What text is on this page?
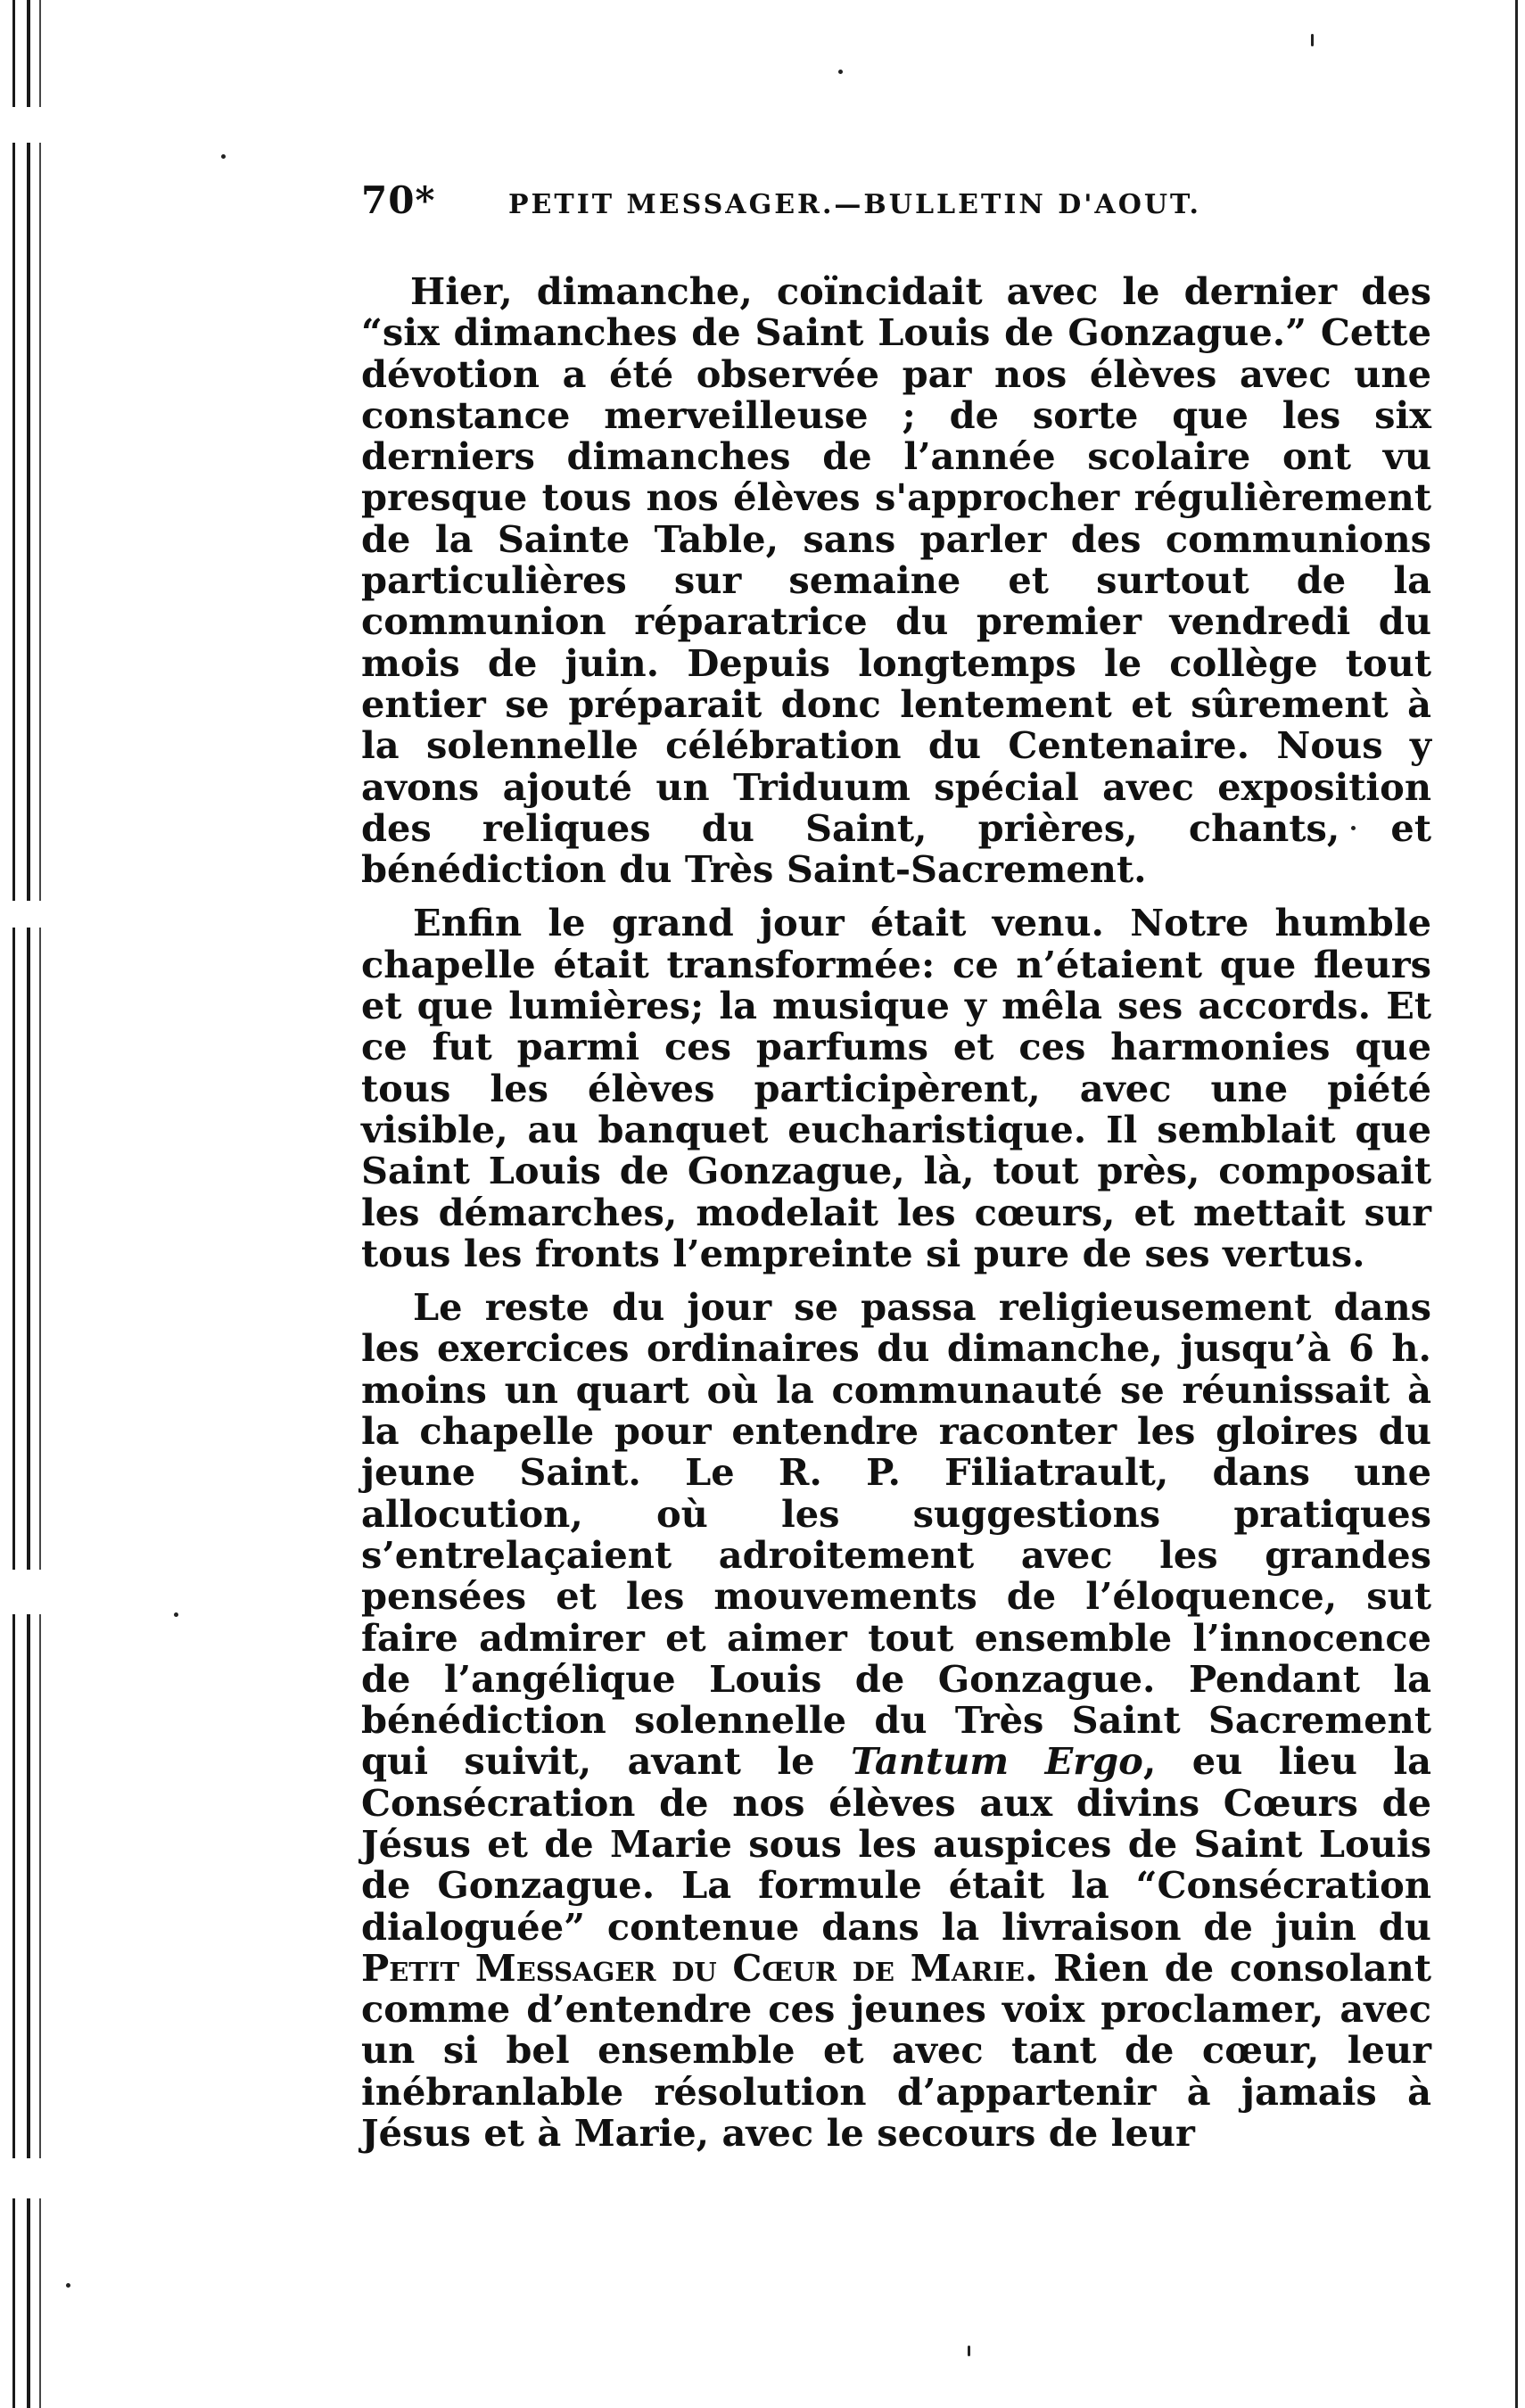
70*	PETIT MESSAGER.—BULLETIN D'AOUT.

Hier, dimanche, coïncidait avec le dernier des “six dimanches de Saint Louis de Gonzague.” Cette dévotion a été observée par nos élèves avec une constance merveilleuse ; de sorte que les six derniers dimanches de l’année scolaire ont vu presque tous nos élèves s'approcher régulièrement de la Sainte Table, sans parler des communions particulières sur semaine et surtout de la communion réparatrice du premier vendredi du mois de juin. Depuis longtemps le collège tout entier se préparait donc lentement et sûrement à la solennelle célébration du Centenaire. Nous y avons ajouté un Triduum spécial avec exposition des reliques du Saint, prières, chants, et bénédiction du Très Saint-Sacrement.

Enfin le grand jour était venu. Notre humble chapelle était transformée: ce n’étaient que fleurs et que lumières; la musique y mêla ses accords. Et ce fut parmi ces parfums et ces harmonies que tous les élèves participèrent, avec une piété visible, au banquet eucharistique. Il semblait que Saint Louis de Gonzague, là, tout près, composait les démarches, modelait les cœurs, et mettait sur tous les fronts l’empreinte si pure de ses vertus.

Le reste du jour se passa religieusement dans les exercices ordinaires du dimanche, jusqu’à 6 h. moins un quart où la communauté se réunissait à la chapelle pour entendre raconter les gloires du jeune Saint. Le R. P. Filiatrault, dans une allocution, où les suggestions pratiques s’entrelaçaient adroitement avec les grandes pensées et les mouvements de l’éloquence, sut faire admirer et aimer tout ensemble l’innocence de l’angélique Louis de Gonzague. Pendant la bénédiction solennelle du Très Saint Sacrement qui suivit, avant le Tantum Ergo, eu lieu la Consécration de nos élèves aux divins Cœurs de Jésus et de Marie sous les auspices de Saint Louis de Gonzague. La formule était la “Consécration dialoguée” contenue dans la livraison de juin du Petit Messager du Cœur de Marie. Rien de consolant comme d’entendre ces jeunes voix proclamer, avec un si bel ensemble et avec tant de cœur, leur inébranlable résolution d’appartenir à jamais à Jésus et à Marie, avec le secours de leur
